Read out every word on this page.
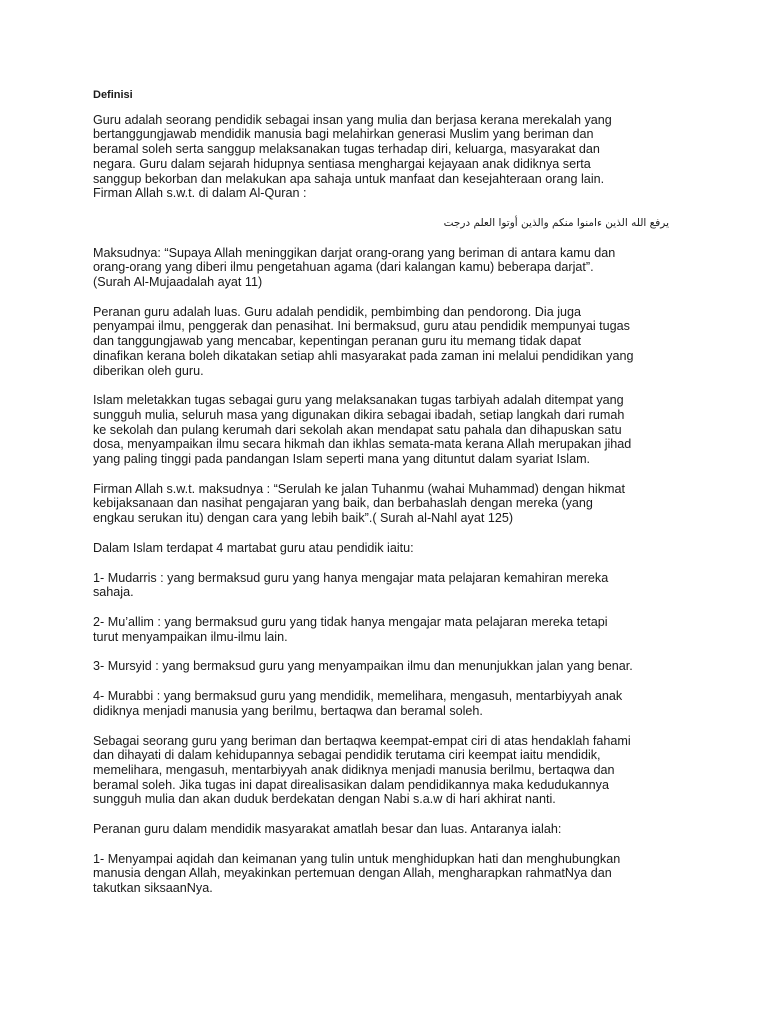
Definisi
Guru adalah seorang pendidik sebagai insan yang mulia dan berjasa kerana merekalah yang
bertanggungjawab mendidik manusia bagi melahirkan generasi Muslim yang beriman dan
beramal soleh serta sanggup melaksanakan tugas terhadap diri, keluarga, masyarakat dan
negara. Guru dalam sejarah hidupnya sentiasa menghargai kejayaan anak didiknya serta
sanggup bekorban dan melakukan apa sahaja untuk manfaat dan kesejahteraan orang lain.
Firman Allah s.w.t. di dalam Al-Quran :
يرفع الله الذين ءامنوا منكم والذين أوتوا العلم درجت
Maksudnya: “Supaya Allah meninggikan darjat orang-orang yang beriman di antara kamu dan
orang-orang yang diberi ilmu pengetahuan agama (dari kalangan kamu) beberapa darjat”.
(Surah Al-Mujaadalah ayat 11)
Peranan guru adalah luas. Guru adalah pendidik, pembimbing dan pendorong. Dia juga
penyampai ilmu, penggerak dan penasihat. Ini bermaksud, guru atau pendidik mempunyai tugas
dan tanggungjawab yang mencabar, kepentingan peranan guru itu memang tidak dapat
dinafikan kerana boleh dikatakan setiap ahli masyarakat pada zaman ini melalui pendidikan yang
diberikan oleh guru.
Islam meletakkan tugas sebagai guru yang melaksanakan tugas tarbiyah adalah ditempat yang
sungguh mulia, seluruh masa yang digunakan dikira sebagai ibadah, setiap langkah dari rumah
ke sekolah dan pulang kerumah dari sekolah akan mendapat satu pahala dan dihapuskan satu
dosa, menyampaikan ilmu secara hikmah dan ikhlas semata-mata kerana Allah merupakan jihad
yang paling tinggi pada pandangan Islam seperti mana yang dituntut dalam syariat Islam.
Firman Allah s.w.t. maksudnya : “Serulah ke jalan Tuhanmu (wahai Muhammad) dengan hikmat
kebijaksanaan dan nasihat pengajaran yang baik, dan berbahaslah dengan mereka (yang
engkau serukan itu) dengan cara yang lebih baik”.( Surah al-Nahl ayat 125)
Dalam Islam terdapat 4 martabat guru atau pendidik iaitu:
1- Mudarris : yang bermaksud guru yang hanya mengajar mata pelajaran kemahiran mereka
sahaja.
2- Mu’allim : yang bermaksud guru yang tidak hanya mengajar mata pelajaran mereka tetapi
turut menyampaikan ilmu-ilmu lain.
3- Mursyid : yang bermaksud guru yang menyampaikan ilmu dan menunjukkan jalan yang benar.
4- Murabbi : yang bermaksud guru yang mendidik, memelihara, mengasuh, mentarbiyyah anak
didiknya menjadi manusia yang berilmu, bertaqwa dan beramal soleh.
Sebagai seorang guru yang beriman dan bertaqwa keempat-empat ciri di atas hendaklah fahami
dan dihayati di dalam kehidupannya sebagai pendidik terutama ciri keempat iaitu mendidik,
memelihara, mengasuh, mentarbiyyah anak didiknya menjadi manusia berilmu, bertaqwa dan
beramal soleh. Jika tugas ini dapat direalisasikan dalam pendidikannya maka kedudukannya
sungguh mulia dan akan duduk berdekatan dengan Nabi s.a.w di hari akhirat nanti.
Peranan guru dalam mendidik masyarakat amatlah besar dan luas. Antaranya ialah:
1- Menyampai aqidah dan keimanan yang tulin untuk menghidupkan hati dan menghubungkan
manusia dengan Allah, meyakinkan pertemuan dengan Allah, mengharapkan rahmatNya dan
takutkan siksaanNya.
